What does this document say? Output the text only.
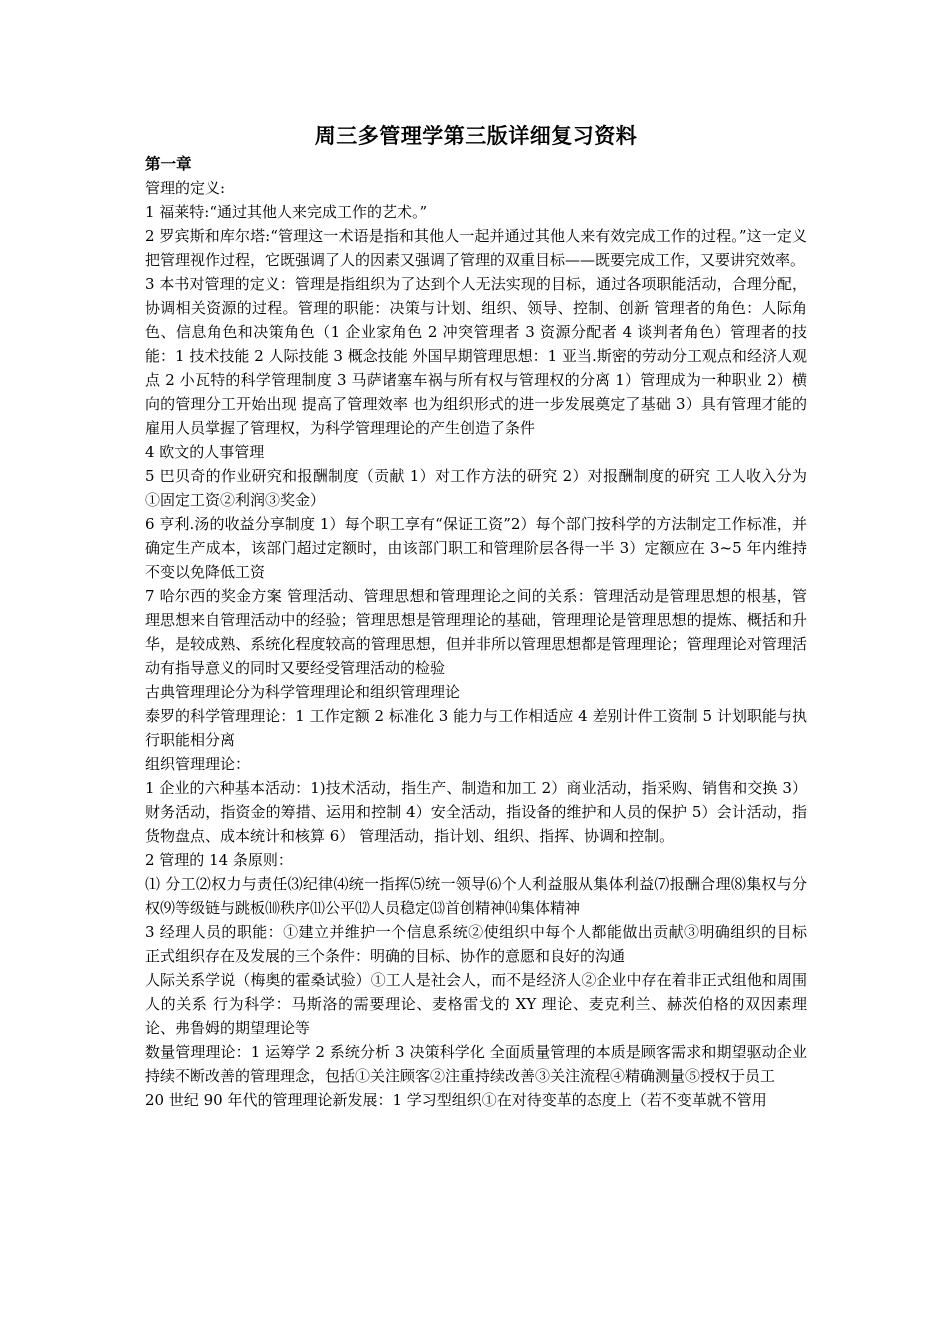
周三多管理学第三版详细复习资料
第一章

管理的定义:

1 福莱特:“通过其他人来完成工作的艺术。”

2 罗宾斯和库尔塔:“管理这一术语是指和其他人一起并通过其他人来有效完成工作的过程。”这一定义把管理视作过程，它既强调了人的因素又强调了管理的双重目标——既要完成工作，又要讲究效率。

3 本书对管理的定义：管理是指组织为了达到个人无法实现的目标，通过各项职能活动，合理分配，协调相关资源的过程。管理的职能：决策与计划、组织、领导、控制、创新 管理者的角色：人际角色、信息角色和决策角色（1 企业家角色 2 冲突管理者 3 资源分配者 4 谈判者角色）管理者的技能：1 技术技能 2 人际技能 3 概念技能 外国早期管理思想：1 亚当.斯密的劳动分工观点和经济人观点 2 小瓦特的科学管理制度 3 马萨诸塞车祸与所有权与管理权的分离 1）管理成为一种职业 2）横向的管理分工开始出现 提高了管理效率 也为组织形式的进一步发展奠定了基础 3）具有管理才能的雇用人员掌握了管理权，为科学管理理论的产生创造了条件

4 欧文的人事管理

5 巴贝奇的作业研究和报酬制度（贡献 1）对工作方法的研究 2）对报酬制度的研究 工人收入分为①固定工资②利润③奖金）

6 亨利.汤的收益分享制度 1）每个职工享有“保证工资”2）每个部门按科学的方法制定工作标准，并确定生产成本，该部门超过定额时，由该部门职工和管理阶层各得一半 3）定额应在 3~5 年内维持不变以免降低工资

7 哈尔西的奖金方案 管理活动、管理思想和管理理论之间的关系：管理活动是管理思想的根基，管理思想来自管理活动中的经验；管理思想是管理理论的基础，管理理论是管理思想的提炼、概括和升华，是较成熟、系统化程度较高的管理思想，但并非所以管理思想都是管理理论；管理理论对管理活动有指导意义的同时又要经受管理活动的检验

古典管理理论分为科学管理理论和组织管理理论

泰罗的科学管理理论：1 工作定额 2 标准化 3 能力与工作相适应 4 差别计件工资制 5 计划职能与执行职能相分离

组织管理理论：

1 企业的六种基本活动：1)技术活动，指生产、制造和加工 2）商业活动，指采购、销售和交换 3）财务活动，指资金的筹措、运用和控制 4）安全活动，指设备的维护和人员的保护 5）会计活动，指货物盘点、成本统计和核算 6） 管理活动，指计划、组织、指挥、协调和控制。

2 管理的 14 条原则：

⑴ 分工⑵权力与责任⑶纪律⑷统一指挥⑸统一领导⑹个人利益服从集体利益⑺报酬合理⑻集权与分权⑼等级链与跳板⑽秩序⑾公平⑿人员稳定⒀首创精神⒁集体精神

3 经理人员的职能：①建立并维护一个信息系统②使组织中每个人都能做出贡献③明确组织的目标 正式组织存在及发展的三个条件：明确的目标、协作的意愿和良好的沟通

人际关系学说（梅奥的霍桑试验）①工人是社会人，而不是经济人②企业中存在着非正式组他和周围人的关系 行为科学：马斯洛的需要理论、麦格雷戈的 XY 理论、麦克利兰、赫茨伯格的双因素理论、弗鲁姆的期望理论等

数量管理理论：1 运筹学 2 系统分析 3 决策科学化 全面质量管理的本质是顾客需求和期望驱动企业持续不断改善的管理理念，包括①关注顾客②注重持续改善③关注流程④精确测量⑤授权于员工

20 世纪 90 年代的管理理论新发展：1 学习型组织①在对待变革的态度上（若不变革就不管用
